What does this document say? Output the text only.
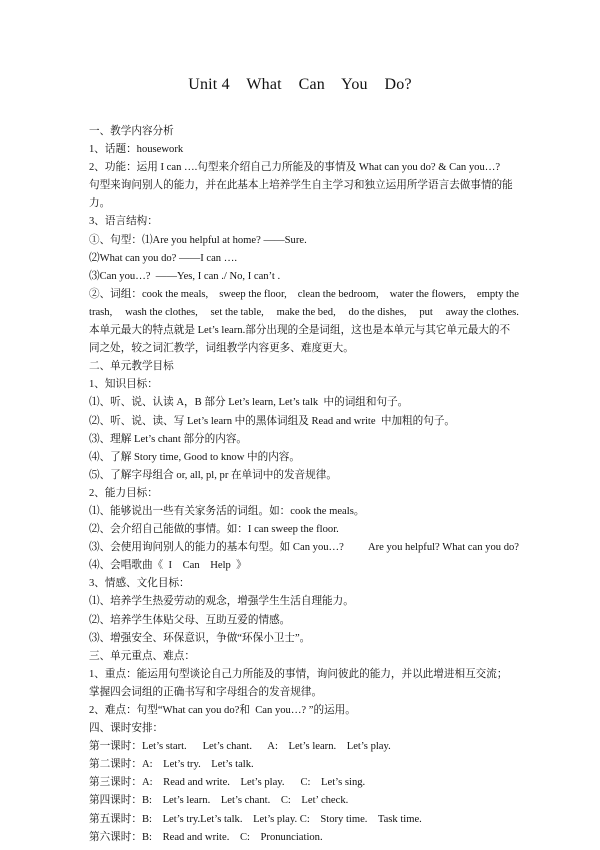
Unit 4    What    Can    You    Do?
一、教学内容分析
1、话题：housework
2、功能：运用 I can ….句型来介绍自己力所能及的事情及 What can you do? & Can you…?
句型来询问别人的能力，并在此基本上培养学生自主学习和独立运用所学语言去做事情的能
力。
3、语言结构：
①、句型：⑴Are you helpful at home? ——Sure.
⑵What can you do? ——I can ….
⑶Can you…?  ——Yes, I can ./ No, I can’t .
②、词组：cook the meals, sweep the floor, clean the bedroom, water the flowers, empty the
trash, wash the clothes, set the table, make the bed, do the dishes, put away the clothes.
本单元最大的特点就是 Let’s learn.部分出现的全是词组，这也是本单元与其它单元最大的不
同之处，较之词汇教学，词组教学内容更多、难度更大。
二、单元教学目标
1、知识目标：
⑴、听、说、认读 A，B 部分 Let’s learn, Let’s talk  中的词组和句子。
⑵、听、说、读、写 Let’s learn 中的黑体词组及 Read and write  中加粗的句子。
⑶、理解 Let’s chant 部分的内容。
⑷、了解 Story time, Good to know 中的内容。
⑸、了解字母组合 or, all, pl, pr 在单词中的发音规律。
2、能力目标：
⑴、能够说出一些有关家务活的词组。如：cook the meals。
⑵、会介绍自己能做的事情。如：I can sweep the floor.
⑶、会使用询问别人的能力的基本句型。如 Can you…? Are you helpful? What can you do?
⑷、会唱歌曲《  I    Can    Help  》
3、情感、文化目标：
⑴、培养学生热爱劳动的观念，增强学生生活自理能力。
⑵、培养学生体贴父母、互助互爱的情感。
⑶、增强安全、环保意识，争做“环保小卫士”。
三、单元重点、难点：
1、重点：能运用句型谈论自己力所能及的事情，询问彼此的能力，并以此增进相互交流；
掌握四会词组的正确书写和字母组合的发音规律。
2、难点：句型“What can you do?和  Can you…? ”的运用。
四、课时安排：
第一课时：Let’s start.      Let’s chant.      A:    Let’s learn.    Let’s play.
第二课时：A:    Let’s try.    Let’s talk.
第三课时：A:    Read and write.    Let’s play.      C:    Let’s sing.
第四课时：B:    Let’s learn.    Let’s chant.    C:    Let’ check.
第五课时：B:    Let’s try.Let’s talk.    Let’s play. C:    Story time.    Task time.
第六课时：B:    Read and write.    C:    Pronunciation.
